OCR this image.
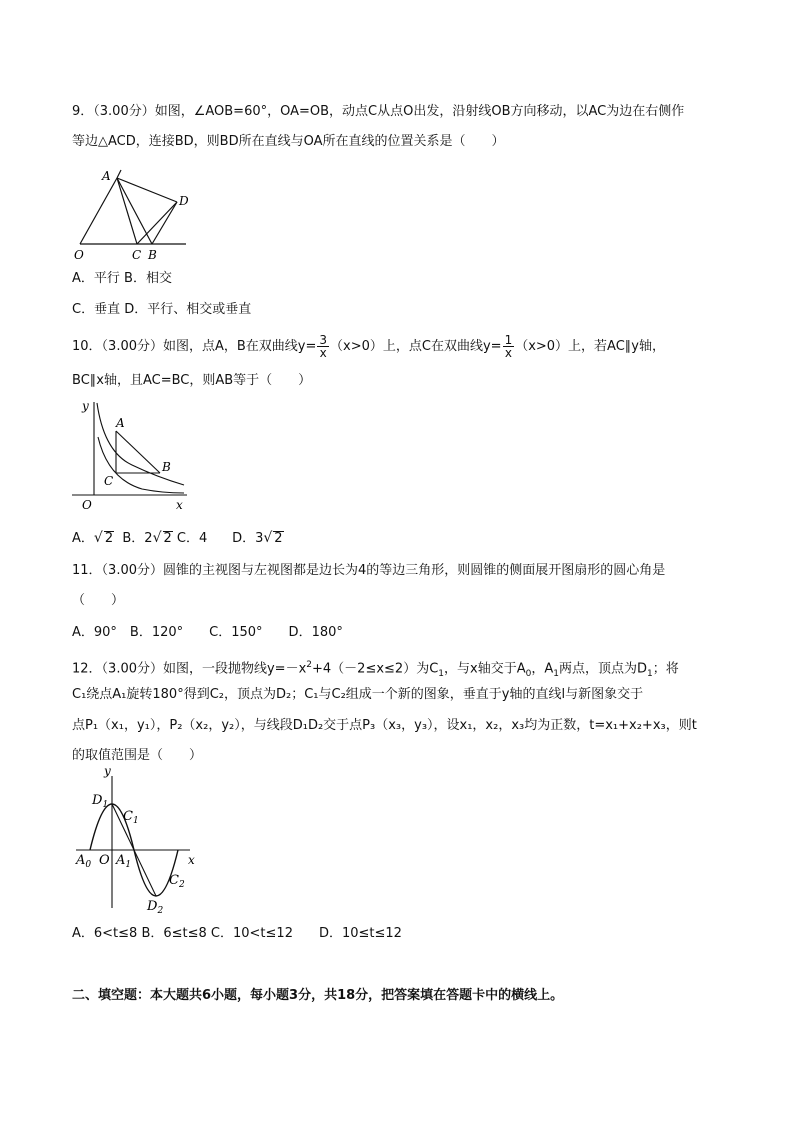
9．（3.00分）如图，∠AOB=60°，OA=OB，动点C从点O出发，沿射线OB方向移动，以AC为边在右侧作
等边△ACD，连接BD，则BD所在直线与OA所在直线的位置关系是（　　）
A
D
O	C B
A．平行 B．相交
C．垂直 D．平行、相交或垂直
10．（3.00分）如图，点A，B在双曲线$y= \frac{3}{x} (x>0)$上，点C在双曲线$y= \frac{1}{x} (x>0)$上，若AC∥y轴，
BC∥x轴，且AC=BC，则AB等于（　　）
y
A
B
C
O	x
A．√ 2 B．2√ 2 C．4 D．3√ 2
11．（3.00分）圆锥的主视图与左视图都是边长为4的等边三角形，则圆锥的侧面展开图扇形的圆心角是
（　　）
A．90°　B．120°　　C．150°　　D．180°
12．（3.00分）如图，一段抛物线$y=-x^2+4(-2\le x\le 2)$为$C_1$，与x轴交于$A_0$，$A_1$两点，顶点为$D_1$；将
C₁绕点A₁旋转180°得到C₂，顶点为D₂；C₁与C₂组成一个新的图象，垂直于y轴的直线l与新图象交于
点P₁（x₁，y₁），P₂（x₂，y₂），与线段D₁D₂交于点P₃（x₃，y₃），设x₁，x₂，x₃均为正数，t=x₁+x₂+x₃，则t
的取值范围是（　　）
y
$D_1$
$C_1$
$A_0$ O $A_1$	x
$C_2$
$D_2$
A．6<t≤8 B．6≤t≤8 C．10<t≤12　　D．10≤t≤12
二、填空题：本大题共6小题，每小题3分，共18分，把答案填在答题卡中的横线上。
